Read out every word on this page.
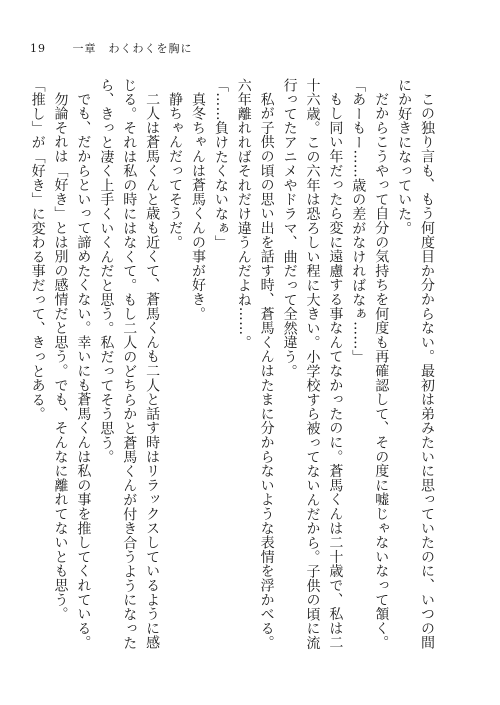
19 一章　わくわくを胸に

この独り言も、もう何度目か分からない。最初は弟みたいに思っていたのに、いつの間

にか好きになっていた。

だからこうやって自分の気持ちを何度も再確認して、その度に嘘じゃないなって頷く。

「あーもー……歳の差がなければなぁ……」

もし同い年だったら変に遠慮する事なんてなかったのに。蒼馬くんは二十歳で、私は二

十六歳。この六年は恐ろしい程に大きい。小学校すら被ってないんだから。子供の頃に流

行ってたアニメやドラマ、曲だって全然違う。

私が子供の頃の思い出を話す時、蒼馬くんはたまに分からないような表情を浮かべる。

六年離れればそれだけ違うんだよね……。

「……負けたくないなぁ」

真冬ちゃんは蒼馬くんの事が好き。

静ちゃんだってそうだ。

二人は蒼馬くんと歳も近くて、蒼馬くんも二人と話す時はリラックスしているように感

じる。それは私の時にはなくて。もし二人のどちらかと蒼馬くんが付き合うようになった

ら、きっと凄く上手くいくんだと思う。私だってそう思う。

でも、だからといって諦めたくない。幸いにも蒼馬くんは私の事を推してくれている。

勿論それは「好き」とは別の感情だと思う。でも、そんなに離れてないとも思う。

「推し」が「好き」に変わる事だって、きっとある。
